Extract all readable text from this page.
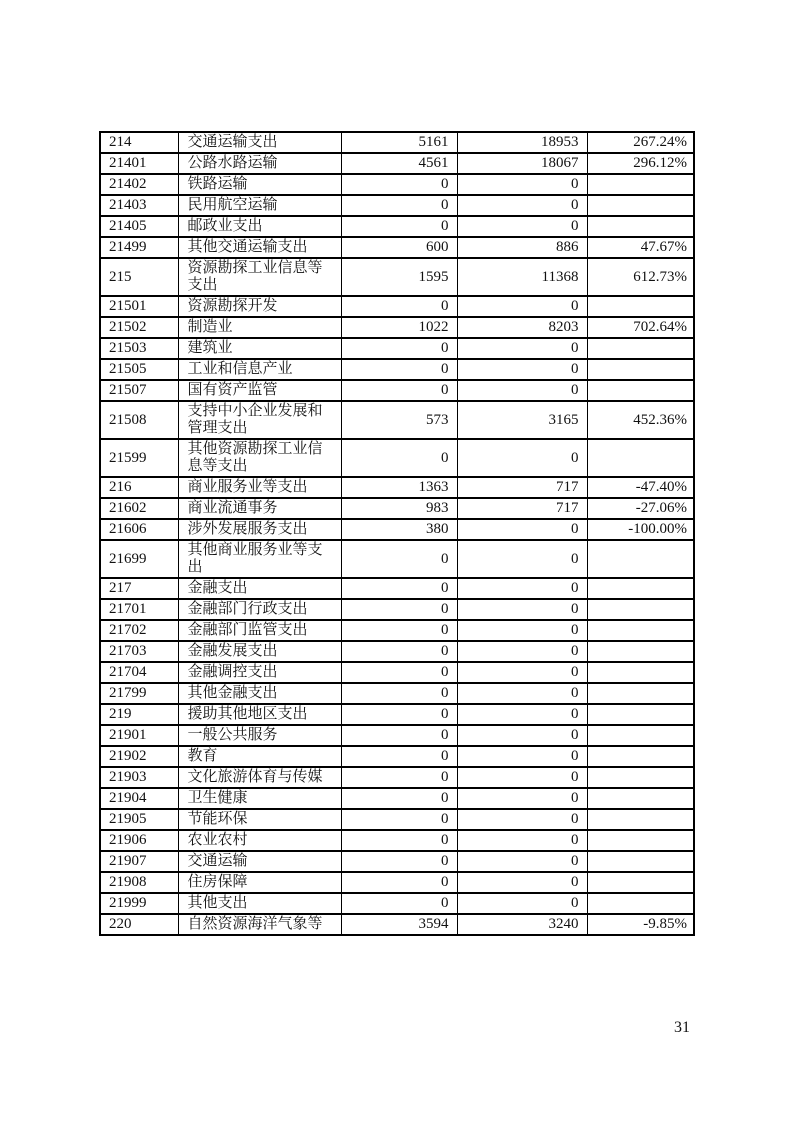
214	交通运输支出	5161	18953	267.24%
21401	公路水路运输	4561	18067	296.12%
21402	铁路运输	0	0	
21403	民用航空运输	0	0	
21405	邮政业支出	0	0	
21499	其他交通运输支出	600	886	47.67%
215	资源勘探工业信息等支出	1595	11368	612.73%
21501	资源勘探开发	0	0	
21502	制造业	1022	8203	702.64%
21503	建筑业	0	0	
21505	工业和信息产业	0	0	
21507	国有资产监管	0	0	
21508	支持中小企业发展和管理支出	573	3165	452.36%
21599	其他资源勘探工业信息等支出	0	0	
216	商业服务业等支出	1363	717	-47.40%
21602	商业流通事务	983	717	-27.06%
21606	涉外发展服务支出	380	0	-100.00%
21699	其他商业服务业等支出	0	0	
217	金融支出	0	0	
21701	金融部门行政支出	0	0	
21702	金融部门监管支出	0	0	
21703	金融发展支出	0	0	
21704	金融调控支出	0	0	
21799	其他金融支出	0	0	
219	援助其他地区支出	0	0	
21901	一般公共服务	0	0	
21902	教育	0	0	
21903	文化旅游体育与传媒	0	0	
21904	卫生健康	0	0	
21905	节能环保	0	0	
21906	农业农村	0	0	
21907	交通运输	0	0	
21908	住房保障	0	0	
21999	其他支出	0	0	
220	自然资源海洋气象等	3594	3240	-9.85%
31
